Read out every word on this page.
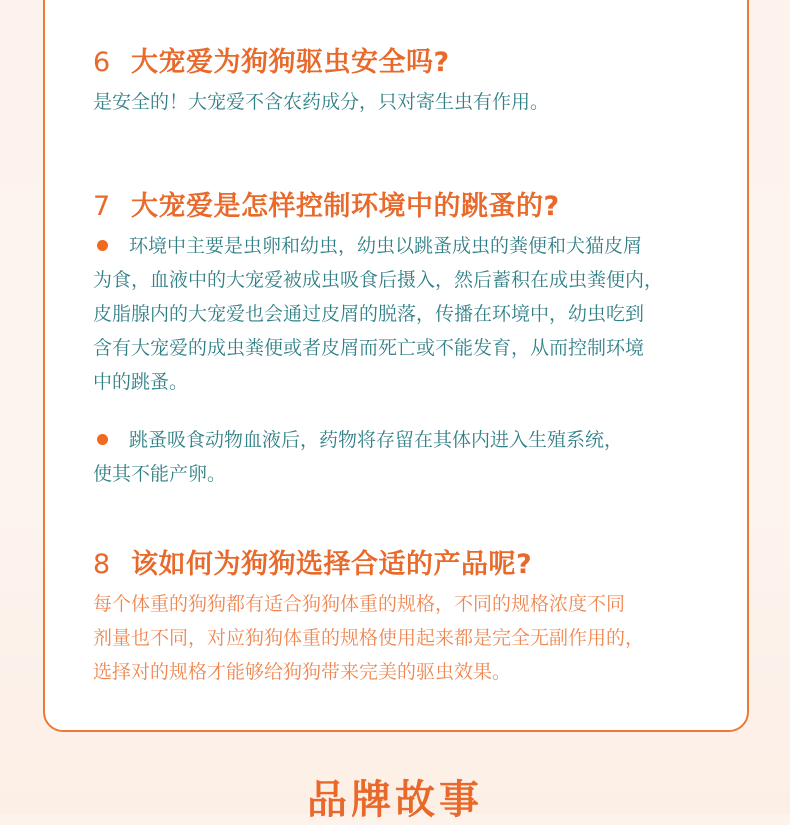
6 大宠爱为狗狗驱虫安全吗?
是安全的！大宠爱不含农药成分，只对寄生虫有作用。
7 大宠爱是怎样控制环境中的跳蚤的?
环境中主要是虫卵和幼虫，幼虫以跳蚤成虫的粪便和犬猫皮屑
为食，血液中的大宠爱被成虫吸食后摄入，然后蓄积在成虫粪便内，
皮脂腺内的大宠爱也会通过皮屑的脱落，传播在环境中，幼虫吃到
含有大宠爱的成虫粪便或者皮屑而死亡或不能发育，从而控制环境
中的跳蚤。
跳蚤吸食动物血液后，药物将存留在其体内进入生殖系统，
使其不能产卵。
8 该如何为狗狗选择合适的产品呢?
每个体重的狗狗都有适合狗狗体重的规格，不同的规格浓度不同
剂量也不同，对应狗狗体重的规格使用起来都是完全无副作用的，
选择对的规格才能够给狗狗带来完美的驱虫效果。
品牌故事
